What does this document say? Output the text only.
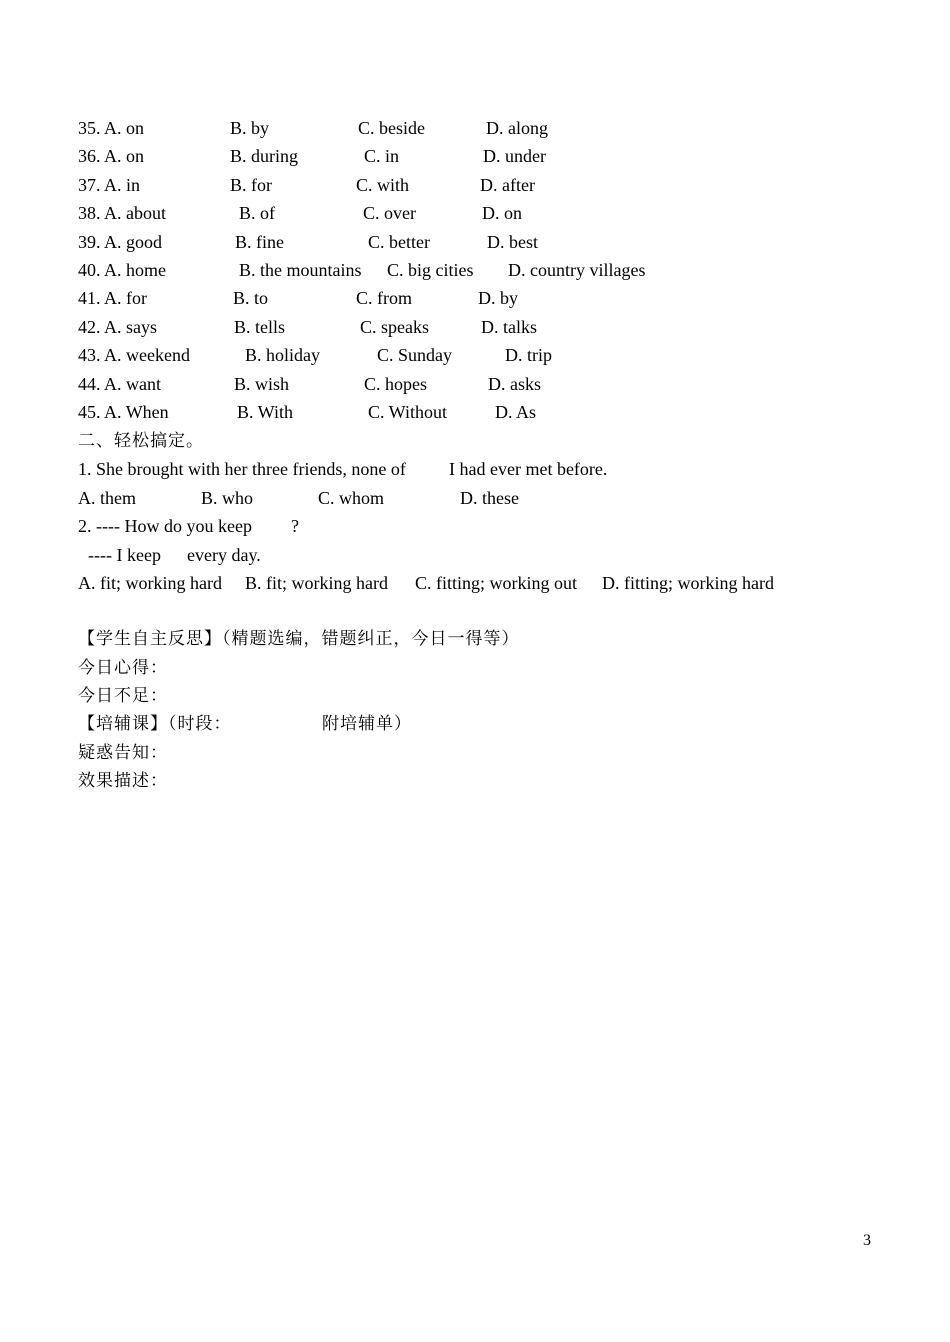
35. A. on	B. by	C. beside	D. along
36. A. on	B. during	C. in	D. under
37. A. in	B. for	C. with	D. after
38. A. about	B. of	C. over	D. on
39. A. good	B. fine	C. better	D. best
40. A. home	B. the mountains C. big cities D. country villages
41. A. for	B. to	C. from	D. by
42. A. says	B. tells	C. speaks	D. talks
43. A. weekend	B. holiday	C. Sunday	D. trip
44. A. want	B. wish	C. hopes	D. asks
45. A. When	B. With	C. Without	D. As
二、轻松搞定。
1. She brought with her three friends, none of I had ever met before.
A. them	B. who	C. whom	D. these
2. ---- How do you keep ?
---- I keep every day.
A. fit; working hard B. fit; working hard C. fitting; working out D. fitting; working hard
【学生自主反思】（精题选编，错题纠正，今日一得等）
今日心得：
今日不足：
【培辅课】（时段：	附培辅单）
疑惑告知：
效果描述：
3
